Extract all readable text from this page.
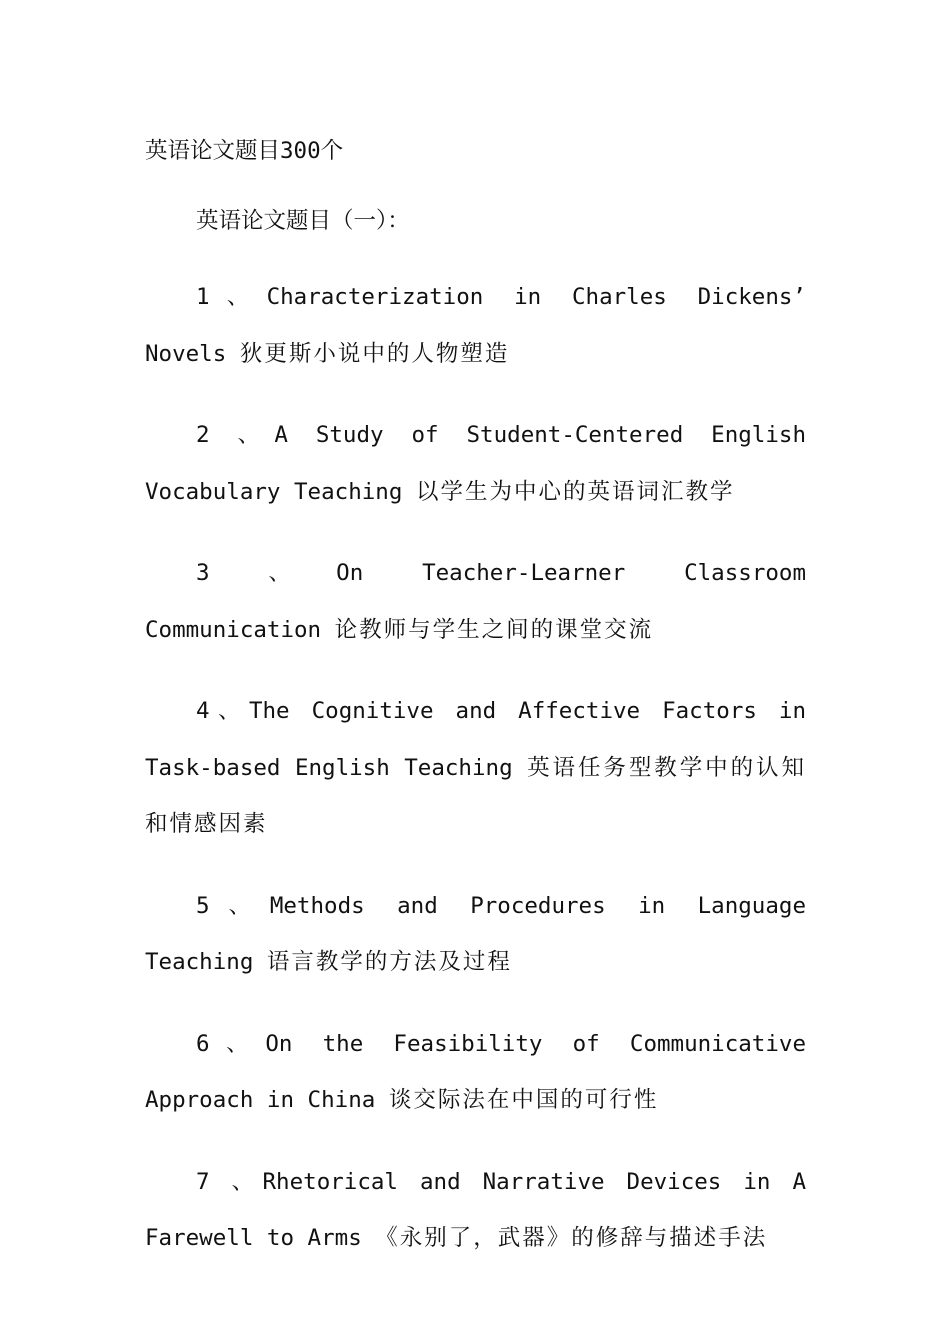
英语论文题目300个
英语论文题目（一）：
1、Characterization in Charles Dickens’ Novels 狄更斯小说中的人物塑造
2 、A Study of Student-Centered English Vocabulary Teaching 以学生为中心的英语词汇教学
3 、On Teacher-Learner Classroom Communication 论教师与学生之间的课堂交流
4、The Cognitive and Affective Factors in Task-based English Teaching 英语任务型教学中的认知和情感因素
5、Methods and Procedures in Language Teaching 语言教学的方法及过程
6、On the Feasibility of Communicative Approach in China 谈交际法在中国的可行性
7 、Rhetorical and Narrative Devices in A Farewell to Arms 《永别了，武器》的修辞与描述手法
